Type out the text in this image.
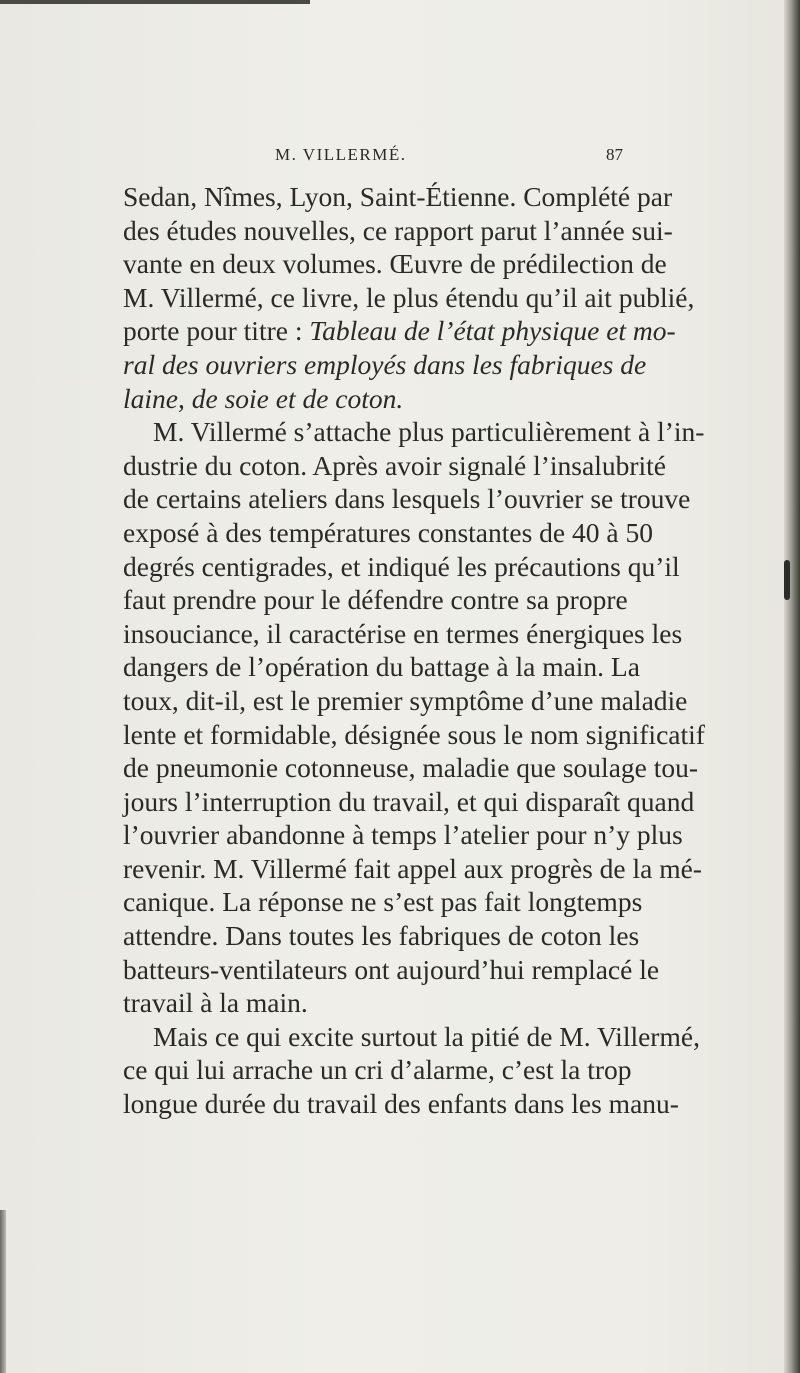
M. VILLERMÉ.	87
Sedan, Nîmes, Lyon, Saint-Étienne. Complété par
des études nouvelles, ce rapport parut l’année sui-
vante en deux volumes. Œuvre de prédilection de
M. Villermé, ce livre, le plus étendu qu’il ait publié,
porte pour titre : Tableau de l’état physique et mo-
ral des ouvriers employés dans les fabriques de
laine, de soie et de coton.
M. Villermé s’attache plus particulièrement à l’in-
dustrie du coton. Après avoir signalé l’insalubrité
de certains ateliers dans lesquels l’ouvrier se trouve
exposé à des températures constantes de 40 à 50
degrés centigrades, et indiqué les précautions qu’il
faut prendre pour le défendre contre sa propre
insouciance, il caractérise en termes énergiques les
dangers de l’opération du battage à la main. La
toux, dit-il, est le premier symptôme d’une maladie
lente et formidable, désignée sous le nom significatif
de pneumonie cotonneuse, maladie que soulage tou-
jours l’interruption du travail, et qui disparaît quand
l’ouvrier abandonne à temps l’atelier pour n’y plus
revenir. M. Villermé fait appel aux progrès de la mé-
canique. La réponse ne s’est pas fait longtemps
attendre. Dans toutes les fabriques de coton les
batteurs-ventilateurs ont aujourd’hui remplacé le
travail à la main.
Mais ce qui excite surtout la pitié de M. Villermé,
ce qui lui arrache un cri d’alarme, c’est la trop
longue durée du travail des enfants dans les manu-
